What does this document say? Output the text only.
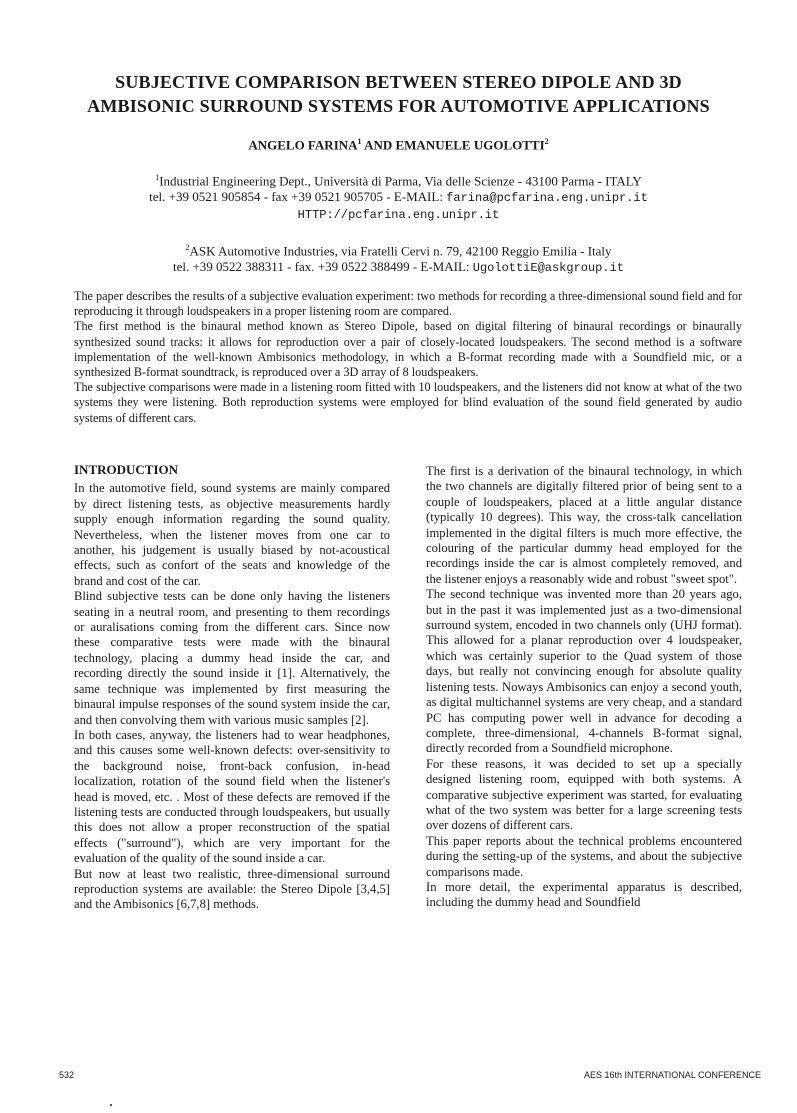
SUBJECTIVE COMPARISON BETWEEN STEREO DIPOLE AND 3D
AMBISONIC SURROUND SYSTEMS FOR AUTOMOTIVE APPLICATIONS
ANGELO FARINA$^1$ AND EMANUELE UGOLOTTI$^2$
$^1$Industrial Engineering Dept., Università di Parma, Via delle Scienze - 43100 Parma - ITALY
tel. +39 0521 905854 - fax +39 0521 905705 - E-MAIL: farina@pcfarina.eng.unipr.it
HTTP://pcfarina.eng.unipr.it
$^2$ASK Automotive Industries, via Fratelli Cervi n. 79, 42100 Reggio Emilia - Italy
tel. +39 0522 388311 - fax. +39 0522 388499 - E-MAIL: UgolottiE@askgroup.it

The paper describes the results of a subjective evaluation experiment: two methods for recording a three-dimensional sound field and for reproducing it through loudspeakers in a proper listening room are compared.

The first method is the binaural method known as Stereo Dipole, based on digital filtering of binaural recordings or binaurally synthesized sound tracks: it allows for reproduction over a pair of closely-located loudspeakers. The second method is a software implementation of the well-known Ambisonics methodology, in which a B-format recording made with a Soundfield mic, or a synthesized B-format soundtrack, is reproduced over a 3D array of 8 loudspeakers.

The subjective comparisons were made in a listening room fitted with 10 loudspeakers, and the listeners did not know at what of the two systems they were listening. Both reproduction systems were employed for blind evaluation of the sound field generated by audio systems of different cars.

INTRODUCTION

In the automotive field, sound systems are mainly compared by direct listening tests, as objective measurements hardly supply enough information regarding the sound quality. Nevertheless, when the listener moves from one car to another, his judgement is usually biased by not-acoustical effects, such as confort of the seats and knowledge of the brand and cost of the car.

Blind subjective tests can be done only having the listeners seating in a neutral room, and presenting to them recordings or auralisations coming from the different cars. Since now these comparative tests were made with the binaural technology, placing a dummy head inside the car, and recording directly the sound inside it [1]. Alternatively, the same technique was implemented by first measuring the binaural impulse responses of the sound system inside the car, and then convolving them with various music samples [2].

In both cases, anyway, the listeners had to wear headphones, and this causes some well-known defects: over-sensitivity to the background noise, front-back confusion, in-head localization, rotation of the sound field when the listener's head is moved, etc. . Most of these defects are removed if the listening tests are conducted through loudspeakers, but usually this does not allow a proper reconstruction of the spatial effects ("surround"), which are very important for the evaluation of the quality of the sound inside a car.

But now at least two realistic, three-dimensional surround reproduction systems are available: the Stereo Dipole [3,4,5] and the Ambisonics [6,7,8] methods.

The first is a derivation of the binaural technology, in which the two channels are digitally filtered prior of being sent to a couple of loudspeakers, placed at a little angular distance (typically 10 degrees). This way, the cross-talk cancellation implemented in the digital filters is much more effective, the colouring of the particular dummy head employed for the recordings inside the car is almost completely removed, and the listener enjoys a reasonably wide and robust "sweet spot".

The second technique was invented more than 20 years ago, but in the past it was implemented just as a two-dimensional surround system, encoded in two channels only (UHJ format). This allowed for a planar reproduction over 4 loudspeaker, which was certainly superior to the Quad system of those days, but really not convincing enough for absolute quality listening tests. Noways Ambisonics can enjoy a second youth, as digital multichannel systems are very cheap, and a standard PC has computing power well in advance for decoding a complete, three-dimensional, 4-channels B-format signal, directly recorded from a Soundfield microphone.

For these reasons, it was decided to set up a specially designed listening room, equipped with both systems. A comparative subjective experiment was started, for evaluating what of the two system was better for a large screening tests over dozens of different cars.

This paper reports about the technical problems encountered during the setting-up of the systems, and about the subjective comparisons made.

In more detail, the experimental apparatus is described, including the dummy head and Soundfield

532	AES 16th INTERNATIONAL CONFERENCE
